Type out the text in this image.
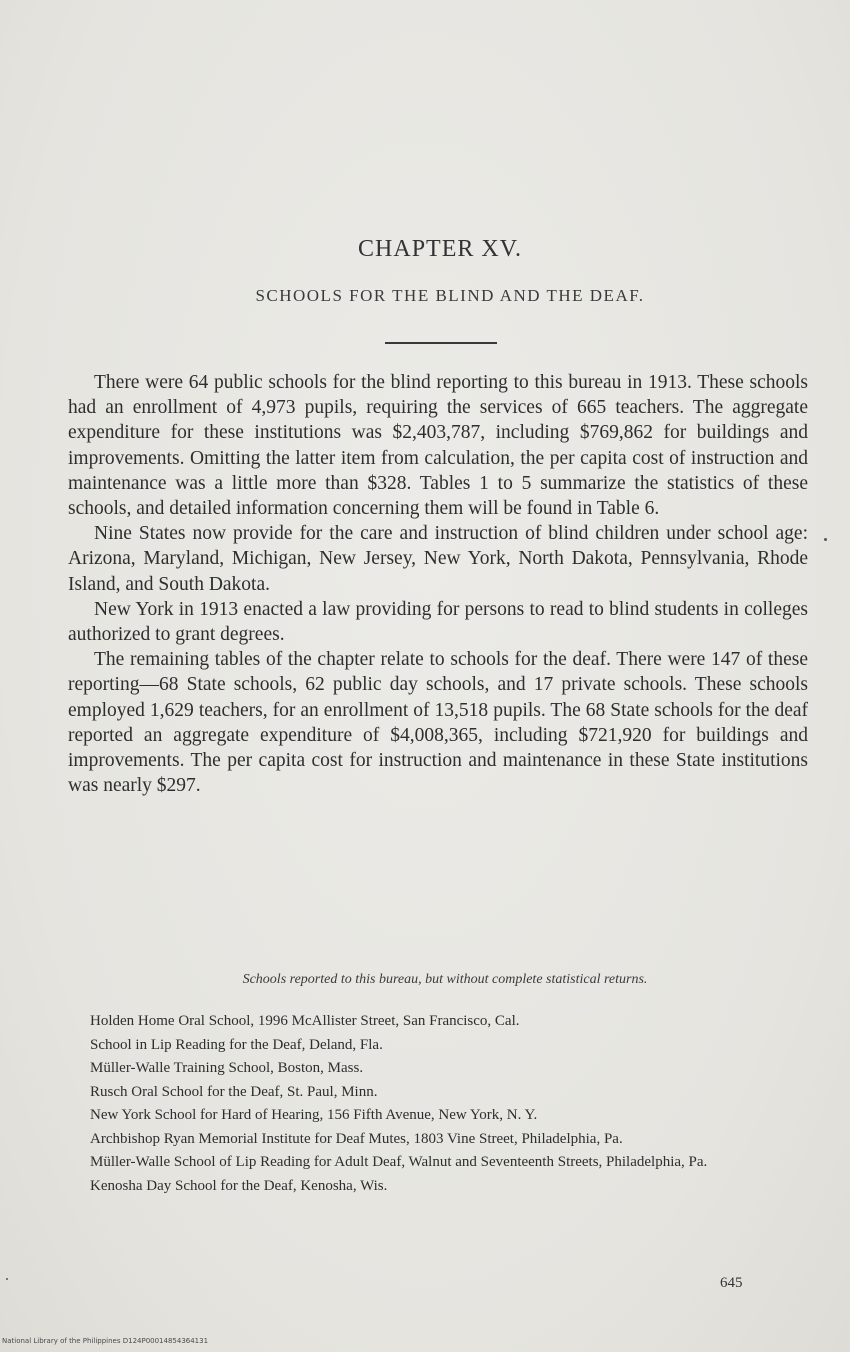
CHAPTER XV.
SCHOOLS FOR THE BLIND AND THE DEAF.

There were 64 public schools for the blind reporting to this bureau in 1913. These schools had an enrollment of 4,973 pupils, requiring the services of 665 teachers. The aggregate expenditure for these institutions was $2,403,787, including $769,862 for buildings and improvements. Omitting the latter item from calculation, the per capita cost of instruction and maintenance was a little more than $328. Tables 1 to 5 summarize the statistics of these schools, and detailed information concerning them will be found in Table 6.

Nine States now provide for the care and instruction of blind children under school age: Arizona, Maryland, Michigan, New Jersey, New York, North Dakota, Pennsylvania, Rhode Island, and South Dakota.

New York in 1913 enacted a law providing for persons to read to blind students in colleges authorized to grant degrees.

The remaining tables of the chapter relate to schools for the deaf. There were 147 of these reporting—68 State schools, 62 public day schools, and 17 private schools. These schools employed 1,629 teachers, for an enrollment of 13,518 pupils. The 68 State schools for the deaf reported an aggregate expenditure of $4,008,365, including $721,920 for buildings and improvements. The per capita cost for instruction and maintenance in these State institutions was nearly $297.

Schools reported to this bureau, but without complete statistical returns.
Holden Home Oral School, 1996 McAllister Street, San Francisco, Cal.
School in Lip Reading for the Deaf, Deland, Fla.
Müller-Walle Training School, Boston, Mass.
Rusch Oral School for the Deaf, St. Paul, Minn.
New York School for Hard of Hearing, 156 Fifth Avenue, New York, N. Y.
Archbishop Ryan Memorial Institute for Deaf Mutes, 1803 Vine Street, Philadelphia, Pa.
Müller-Walle School of Lip Reading for Adult Deaf, Walnut and Seventeenth Streets, Philadelphia, Pa.
Kenosha Day School for the Deaf, Kenosha, Wis.
645
National Library of the Philippines D124P00014854364131
